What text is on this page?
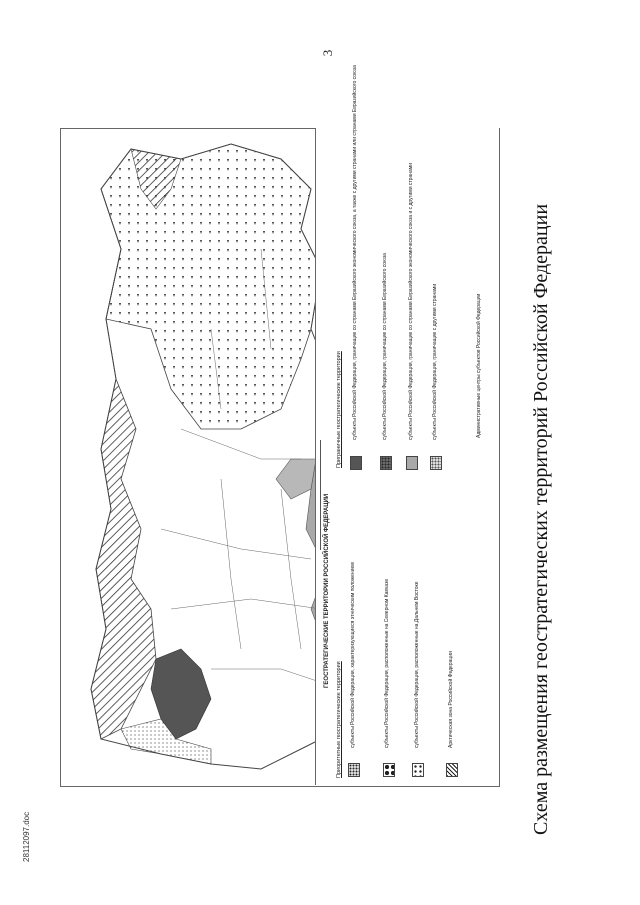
3
ГЕОСТРАТЕГИЧЕСКИЕ ТЕРРИТОРИИ РОССИЙСКОЙ ФЕДЕРАЦИИ
Приоритетные геостратегические территории
Приграничные геостратегические территории
субъекты Российской Федерации, характеризующиеся этническим положением	субъекты Российской Федерации, расположенные на Северном Кавказе	субъекты Российской Федерации, расположенные на Дальнем Востоке	Арктическая зона Российской Федерации
субъекты Российской Федерации, граничащие со странами Евразийского экономического союза, а также с другими странами или странами Евразийского союза	субъекты Российской Федерации, граничащие со странами Евразийского союза	субъекты Российской Федерации, граничащие со странами Евразийского экономического союза и с другими странами	субъекты Российской Федерации, граничащие с другими странами	Административные центры субъектов Российской Федерации Схема размещения геостратегических территорий Российской Федерации
28112097.doc
